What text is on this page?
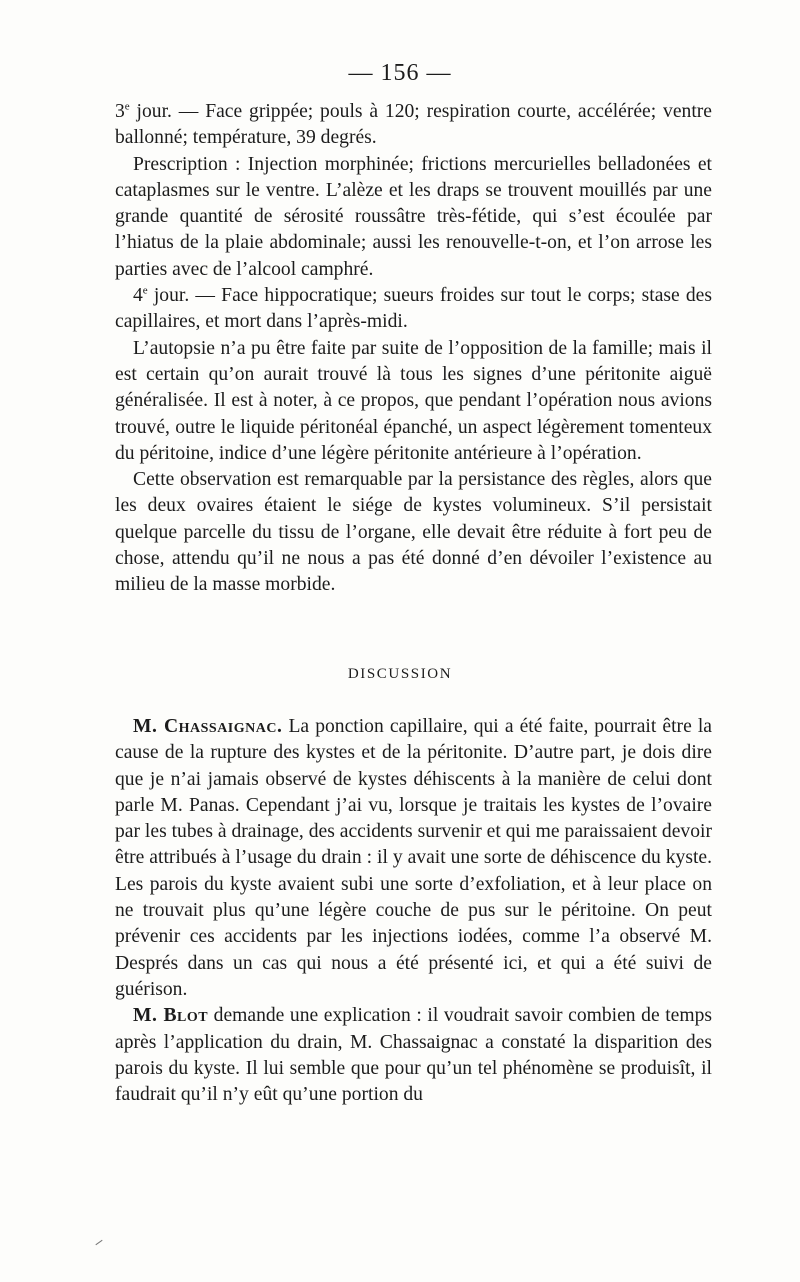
— 156 —

3e jour. — Face grippée; pouls à 120; respiration courte, accélérée; ventre ballonné; température, 39 degrés.

Prescription : Injection morphinée; frictions mercurielles belladonées et cataplasmes sur le ventre. L’alèze et les draps se trouvent mouillés par une grande quantité de sérosité roussâtre très-fétide, qui s’est écoulée par l’hiatus de la plaie abdominale; aussi les renouvelle-t-on, et l’on arrose les parties avec de l’alcool camphré.

4e jour. — Face hippocratique; sueurs froides sur tout le corps; stase des capillaires, et mort dans l’après-midi.

L’autopsie n’a pu être faite par suite de l’opposition de la famille; mais il est certain qu’on aurait trouvé là tous les signes d’une péritonite aiguë généralisée. Il est à noter, à ce propos, que pendant l’opération nous avions trouvé, outre le liquide péritonéal épanché, un aspect légèrement tomenteux du péritoine, indice d’une légère péritonite antérieure à l’opération.

Cette observation est remarquable par la persistance des règles, alors que les deux ovaires étaient le siége de kystes volumineux. S’il persistait quelque parcelle du tissu de l’organe, elle devait être réduite à fort peu de chose, attendu qu’il ne nous a pas été donné d’en dévoiler l’existence au milieu de la masse morbide.

DISCUSSION

M. Chassaignac. La ponction capillaire, qui a été faite, pourrait être la cause de la rupture des kystes et de la péritonite. D’autre part, je dois dire que je n’ai jamais observé de kystes déhiscents à la manière de celui dont parle M. Panas. Cependant j’ai vu, lorsque je traitais les kystes de l’ovaire par les tubes à drainage, des accidents survenir et qui me paraissaient devoir être attribués à l’usage du drain : il y avait une sorte de déhiscence du kyste. Les parois du kyste avaient subi une sorte d’exfoliation, et à leur place on ne trouvait plus qu’une légère couche de pus sur le péritoine. On peut prévenir ces accidents par les injections iodées, comme l’a observé M. Després dans un cas qui nous a été présenté ici, et qui a été suivi de guérison.

M. Blot demande une explication : il voudrait savoir combien de temps après l’application du drain, M. Chassaignac a constaté la disparition des parois du kyste. Il lui semble que pour qu’un tel phénomène se produisît, il faudrait qu’il n’y eût qu’une portion du
